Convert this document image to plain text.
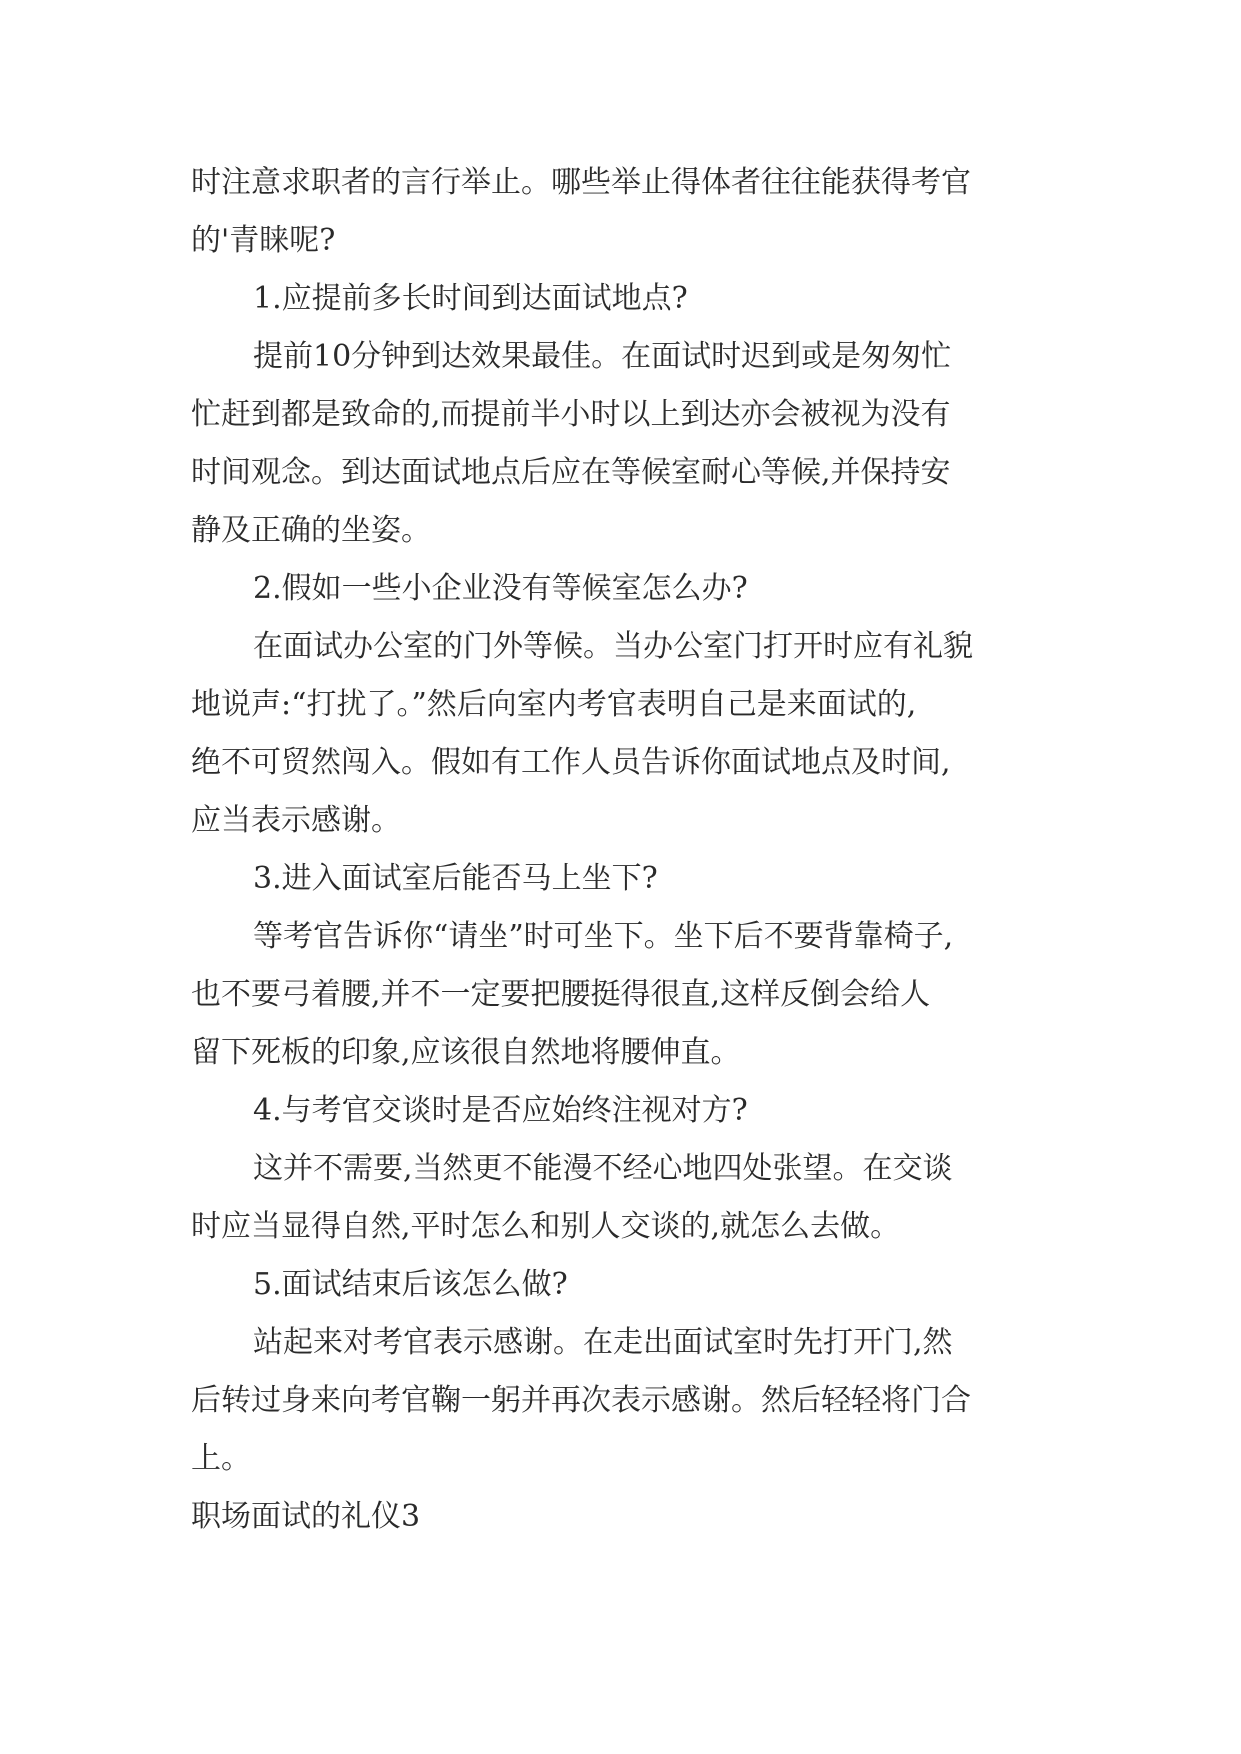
时注意求职者的言行举止。哪些举止得体者往往能获得考官
的'青睐呢?
1.应提前多长时间到达面试地点?
提前10分钟到达效果最佳。在面试时迟到或是匆匆忙
忙赶到都是致命的,而提前半小时以上到达亦会被视为没有
时间观念。到达面试地点后应在等候室耐心等候,并保持安
静及正确的坐姿。
2.假如一些小企业没有等候室怎么办?
在面试办公室的门外等候。当办公室门打开时应有礼貌
地说声:“打扰了。”然后向室内考官表明自己是来面试的,
绝不可贸然闯入。假如有工作人员告诉你面试地点及时间,
应当表示感谢。
3.进入面试室后能否马上坐下?
等考官告诉你“请坐”时可坐下。坐下后不要背靠椅子,
也不要弓着腰,并不一定要把腰挺得很直,这样反倒会给人
留下死板的印象,应该很自然地将腰伸直。
4.与考官交谈时是否应始终注视对方?
这并不需要,当然更不能漫不经心地四处张望。在交谈
时应当显得自然,平时怎么和别人交谈的,就怎么去做。
5.面试结束后该怎么做?
站起来对考官表示感谢。在走出面试室时先打开门,然
后转过身来向考官鞠一躬并再次表示感谢。然后轻轻将门合
上。
职场面试的礼仪3
